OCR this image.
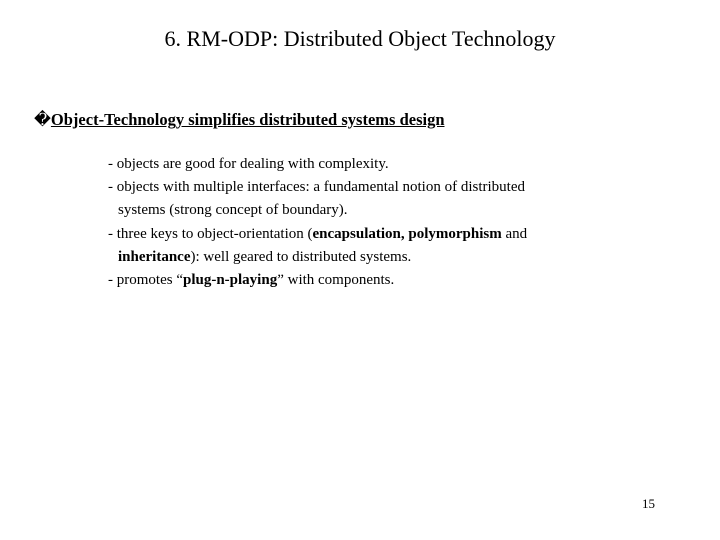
6. RM-ODP: Distributed Object Technology
�Object-Technology simplifies distributed systems design
- objects are good for dealing with complexity.
- objects with multiple interfaces: a fundamental notion of distributed
systems (strong concept of boundary).
- three keys to object-orientation (encapsulation, polymorphism and
inheritance): well geared to distributed systems.
- promotes “plug-n-playing” with components.
15
